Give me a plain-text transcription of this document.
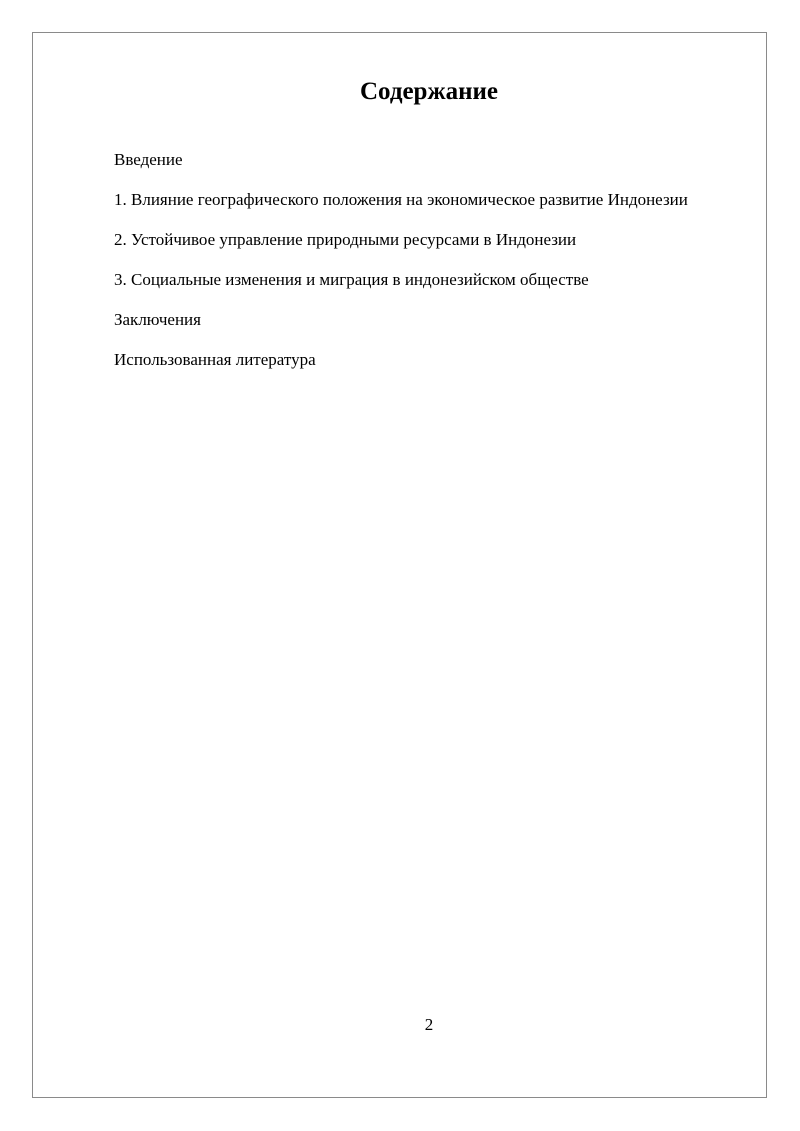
Содержание
Введение
1. Влияние географического положения на экономическое развитие Индонезии
2. Устойчивое управление природными ресурсами в Индонезии
3. Социальные изменения и миграция в индонезийском обществе
Заключения
Использованная литература
2
